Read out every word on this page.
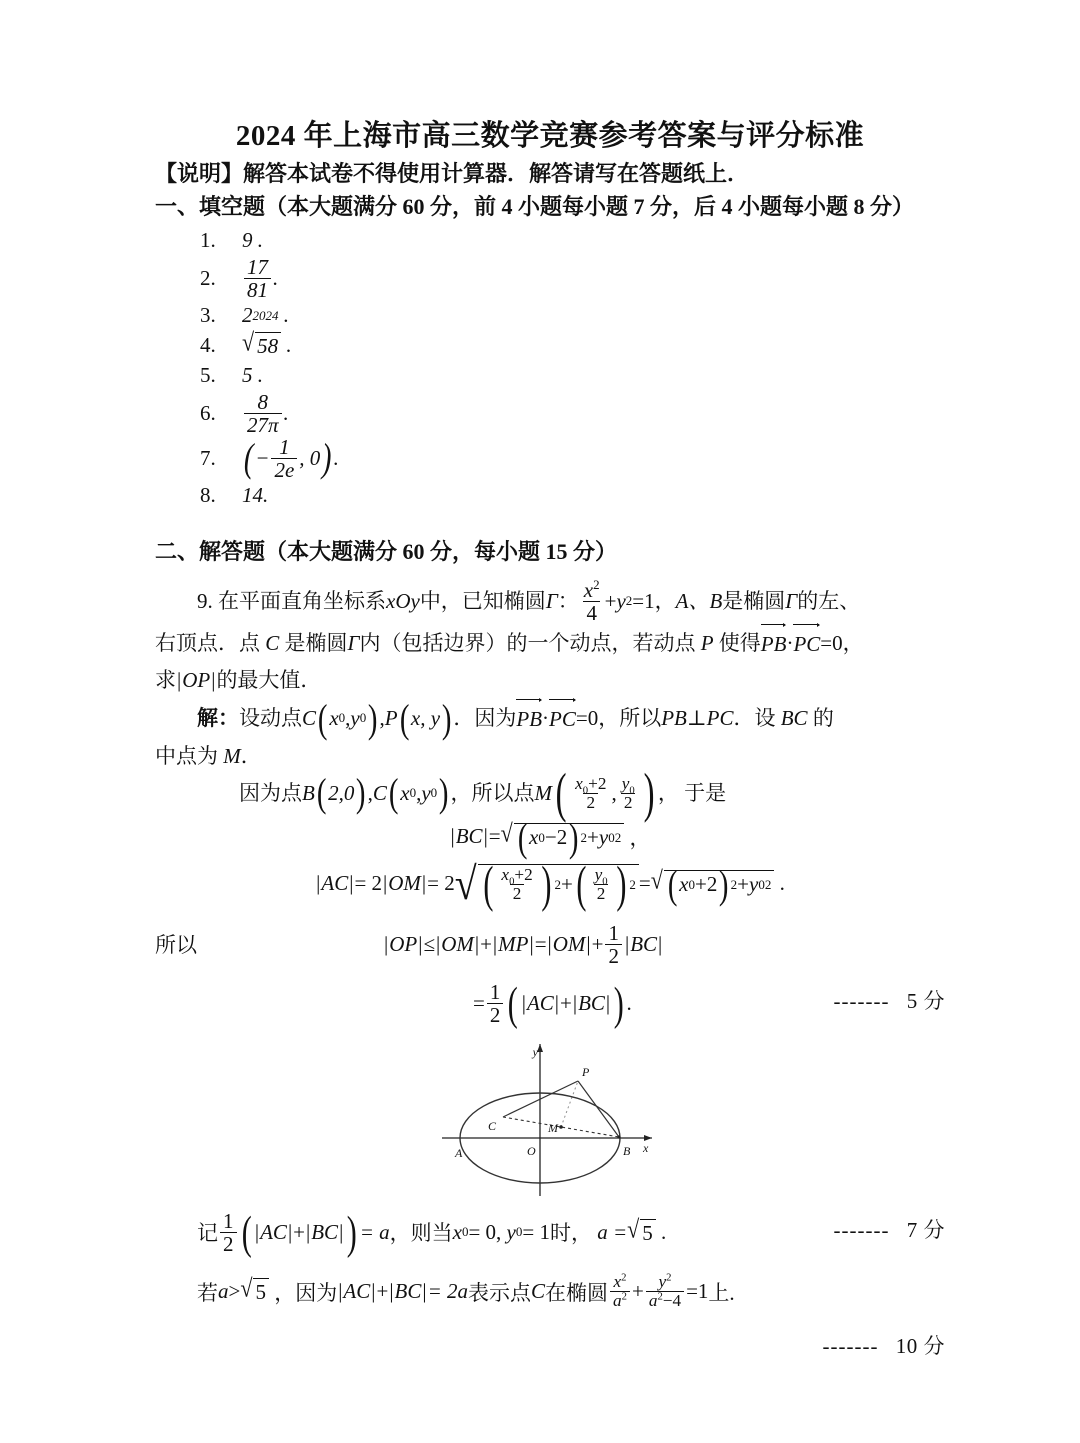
2024 年上海市高三数学竞赛参考答案与评分标准
【说明】解答本试卷不得使用计算器．解答请写在答题纸上．
一、填空题（本大题满分 60 分，前 4 小题每小题 7 分，后 4 小题每小题 8 分）
1.	9 .
2.	$\frac{17}{81}$ .
3.	2 2024 .
4.	√ 58 .
5.	5 .
6.	$\frac{8}{27\pi}$ .
7. ( − $\frac{1}{2e}$ , 0 ) .
8.	14.
二、解答题（本大题满分 60 分，每小题 15 分）
9.
在平面直角坐标系 xOy 中，已知椭圆 Γ ： $\frac{x^2}{4} + y$ 2 =1 ， A、B 是椭圆 Γ 的左、
右顶点．点
C
是椭圆 Γ 内（包括边界）的一个动点，若动点
P
使得 PB · PC =0 ，
求 | OP | 的最大值．
解： 设动点 C ( x 0 , y 0 ) , P ( x, y ) ．因为 PB · PC =0 ，所以 PB⊥PC ．设
BC
的
中点为
M ．
因为点 B ( 2,0 ) , C ( x 0 , y 0 ) ，所以点 M ( $\frac{x_0+2}{2}$ , $\frac{y_0}{2}$ ) ， 于是
| BC | = √ ( x 0 −2 ) 2 + y 0 2
，
| AC | = 2 | OM | = 2 √ ( $\frac{x_0+2}{2}$ ) 2 + ( $\frac{y_0}{2}$ ) 2 = √ ( x 0 +2 ) 2 + y 0 2
.
所以	| OP | ≤ | OM | + | MP | = | OM | + $\frac{1}{2}$ | BC |
= $\frac{1}{2}$ ( | AC | + | BC | ) .	------- 5 分
y
x
O
A	B
C	M
P
记 $\frac{1}{2}$ ( | AC | + | BC | ) = a ，则当 x 0 = 0,
y 0 = 1 时，
a = √ 5
.	------- 7 分
若 a > √ 5
，因为 | AC | + | BC | = 2a 表示点 C 在椭圆 $\frac{x^2}{a^2} + \frac{y^2}{a^2-4} =1$ 上.
------- 10 分
